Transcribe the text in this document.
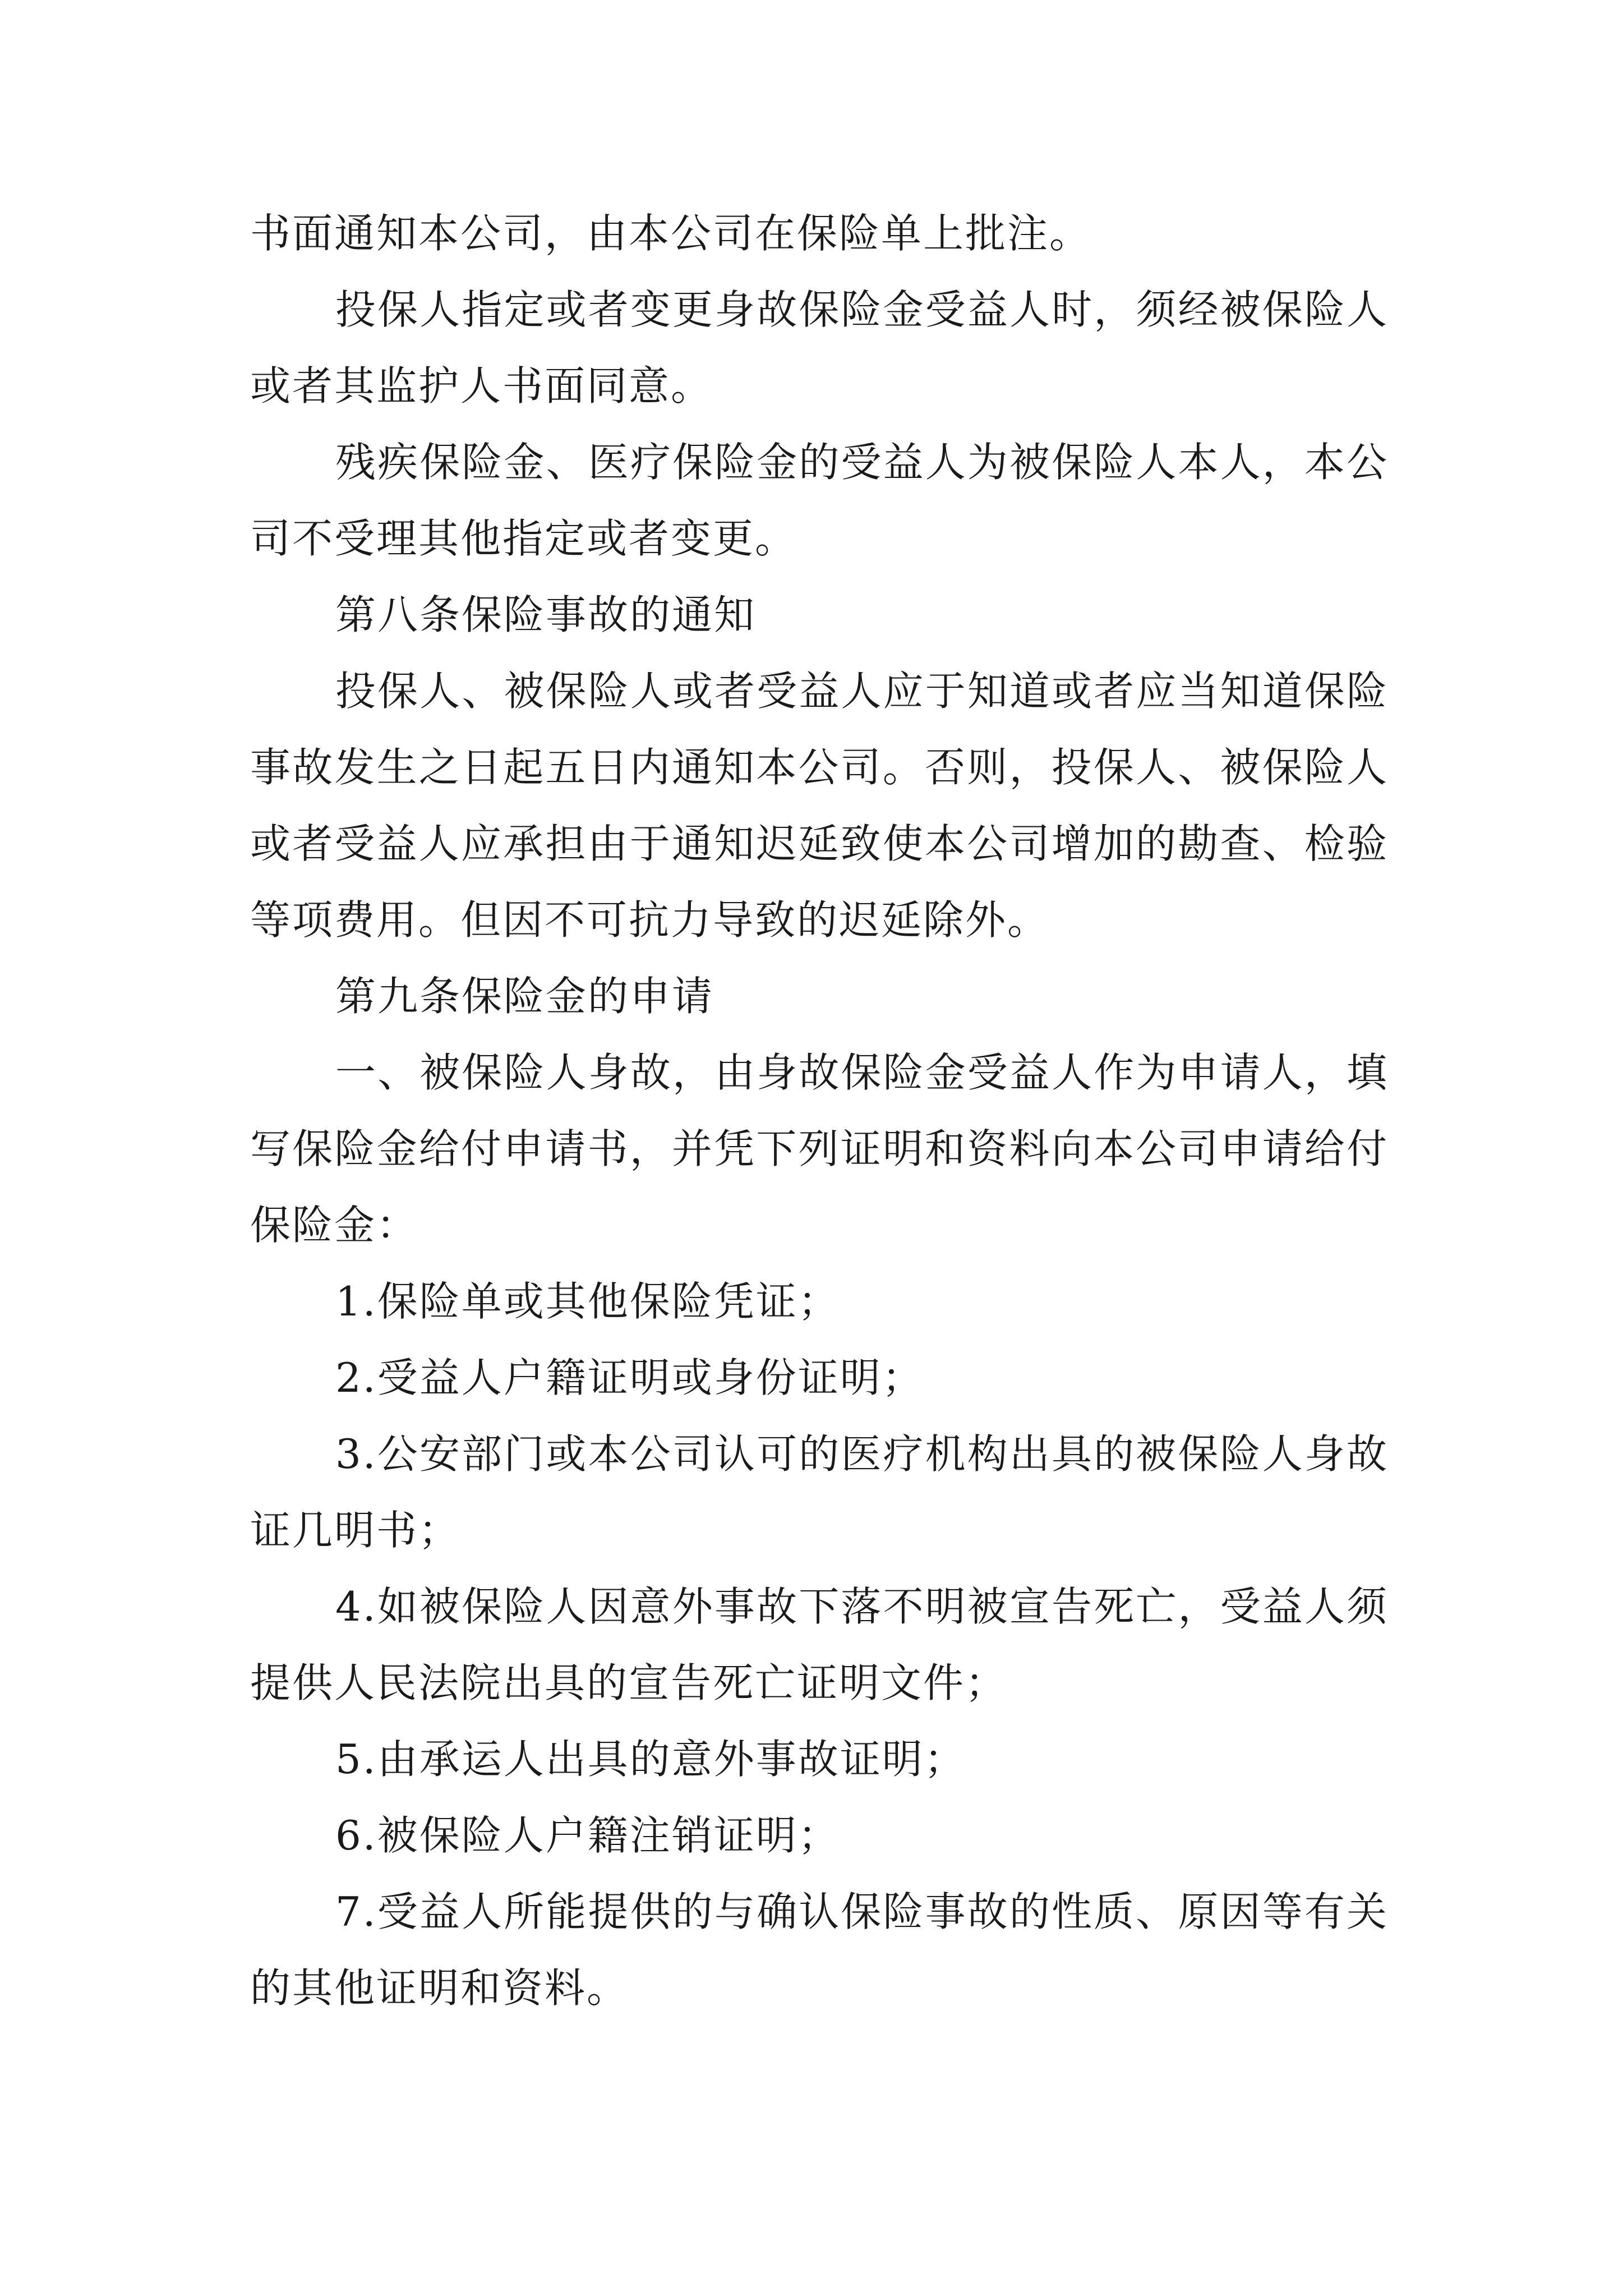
书面通知本公司，由本公司在保险单上批注。

投保人指定或者变更身故保险金受益人时，须经被保险人或者其监护人书面同意。

残疾保险金、医疗保险金的受益人为被保险人本人，本公司不受理其他指定或者变更。

第八条保险事故的通知

投保人、被保险人或者受益人应于知道或者应当知道保险事故发生之日起五日内通知本公司。否则，投保人、被保险人或者受益人应承担由于通知迟延致使本公司增加的勘查、检验等项费用。但因不可抗力导致的迟延除外。

第九条保险金的申请

一、被保险人身故，由身故保险金受益人作为申请人，填写保险金给付申请书，并凭下列证明和资料向本公司申请给付保险金：

1.保险单或其他保险凭证；

2.受益人户籍证明或身份证明；

3.公安部门或本公司认可的医疗机构出具的被保险人身故证几明书；

4.如被保险人因意外事故下落不明被宣告死亡，受益人须提供人民法院出具的宣告死亡证明文件；

5.由承运人出具的意外事故证明；

6.被保险人户籍注销证明；

7.受益人所能提供的与确认保险事故的性质、原因等有关的其他证明和资料。
